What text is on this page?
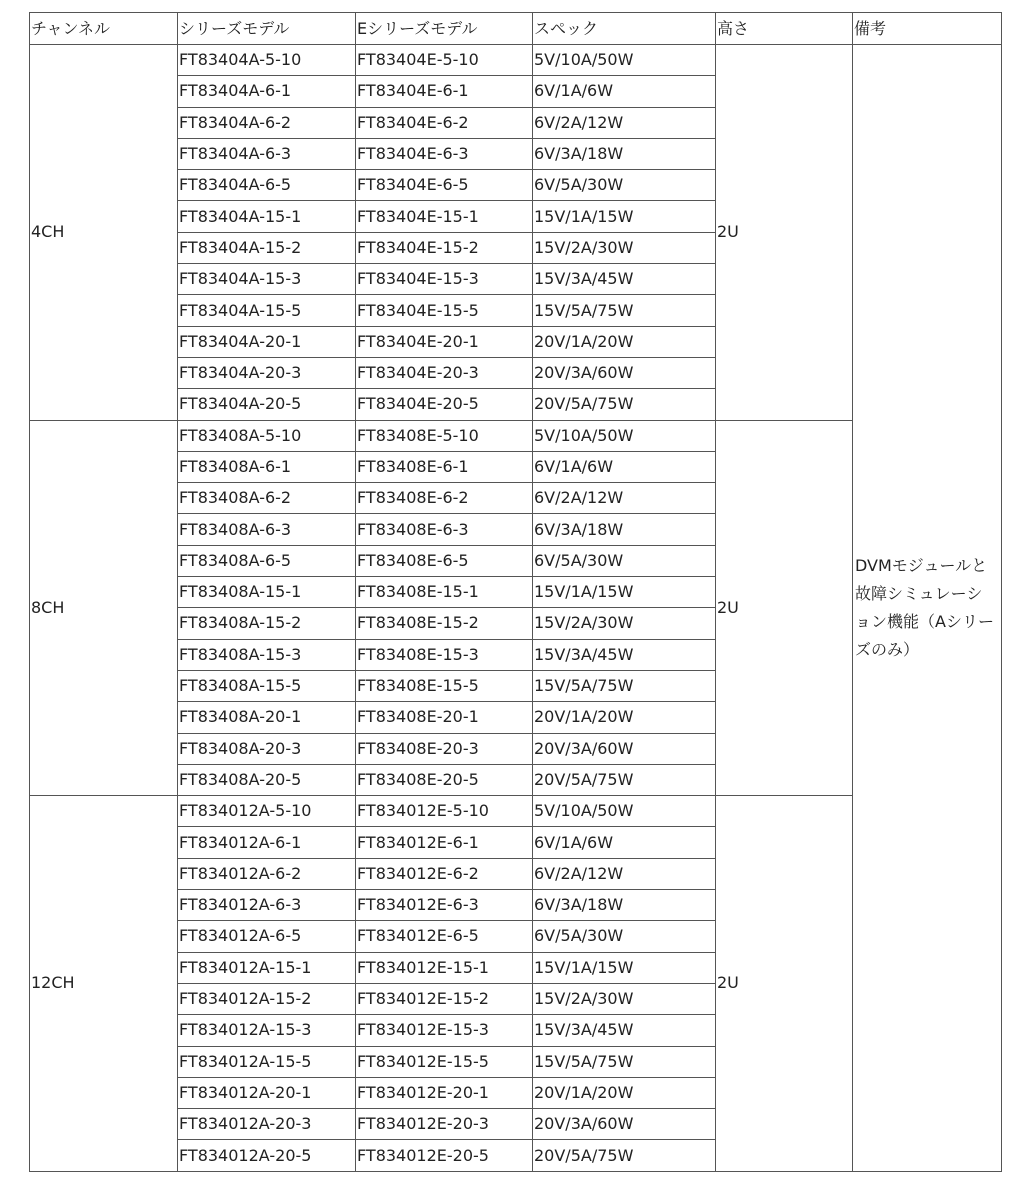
チャンネル	シリーズモデル	Eシリーズモデル	スペック	高さ	備考
4CH	FT83404A-5-10	FT83404E-5-10	5V/10A/50W	2U	DVMモジュールと故障シミュレーション機能（Aシリーズのみ）
	FT83404A-6-1	FT83404E-6-1	6V/1A/6W		
	FT83404A-6-2	FT83404E-6-2	6V/2A/12W		
	FT83404A-6-3	FT83404E-6-3	6V/3A/18W		
	FT83404A-6-5	FT83404E-6-5	6V/5A/30W		
	FT83404A-15-1	FT83404E-15-1	15V/1A/15W		
	FT83404A-15-2	FT83404E-15-2	15V/2A/30W		
	FT83404A-15-3	FT83404E-15-3	15V/3A/45W		
	FT83404A-15-5	FT83404E-15-5	15V/5A/75W		
	FT83404A-20-1	FT83404E-20-1	20V/1A/20W		
	FT83404A-20-3	FT83404E-20-3	20V/3A/60W		
	FT83404A-20-5	FT83404E-20-5	20V/5A/75W		
8CH	FT83408A-5-10	FT83408E-5-10	5V/10A/50W	2U	
	FT83408A-6-1	FT83408E-6-1	6V/1A/6W		
	FT83408A-6-2	FT83408E-6-2	6V/2A/12W		
	FT83408A-6-3	FT83408E-6-3	6V/3A/18W		
	FT83408A-6-5	FT83408E-6-5	6V/5A/30W		
	FT83408A-15-1	FT83408E-15-1	15V/1A/15W		
	FT83408A-15-2	FT83408E-15-2	15V/2A/30W		
	FT83408A-15-3	FT83408E-15-3	15V/3A/45W		
	FT83408A-15-5	FT83408E-15-5	15V/5A/75W		
	FT83408A-20-1	FT83408E-20-1	20V/1A/20W		
	FT83408A-20-3	FT83408E-20-3	20V/3A/60W		
	FT83408A-20-5	FT83408E-20-5	20V/5A/75W		
12CH	FT834012A-5-10	FT834012E-5-10	5V/10A/50W	2U	
	FT834012A-6-1	FT834012E-6-1	6V/1A/6W		
	FT834012A-6-2	FT834012E-6-2	6V/2A/12W		
	FT834012A-6-3	FT834012E-6-3	6V/3A/18W		
	FT834012A-6-5	FT834012E-6-5	6V/5A/30W		
	FT834012A-15-1	FT834012E-15-1	15V/1A/15W		
	FT834012A-15-2	FT834012E-15-2	15V/2A/30W		
	FT834012A-15-3	FT834012E-15-3	15V/3A/45W		
	FT834012A-15-5	FT834012E-15-5	15V/5A/75W		
	FT834012A-20-1	FT834012E-20-1	20V/1A/20W		
	FT834012A-20-3	FT834012E-20-3	20V/3A/60W		
	FT834012A-20-5	FT834012E-20-5	20V/5A/75W		
